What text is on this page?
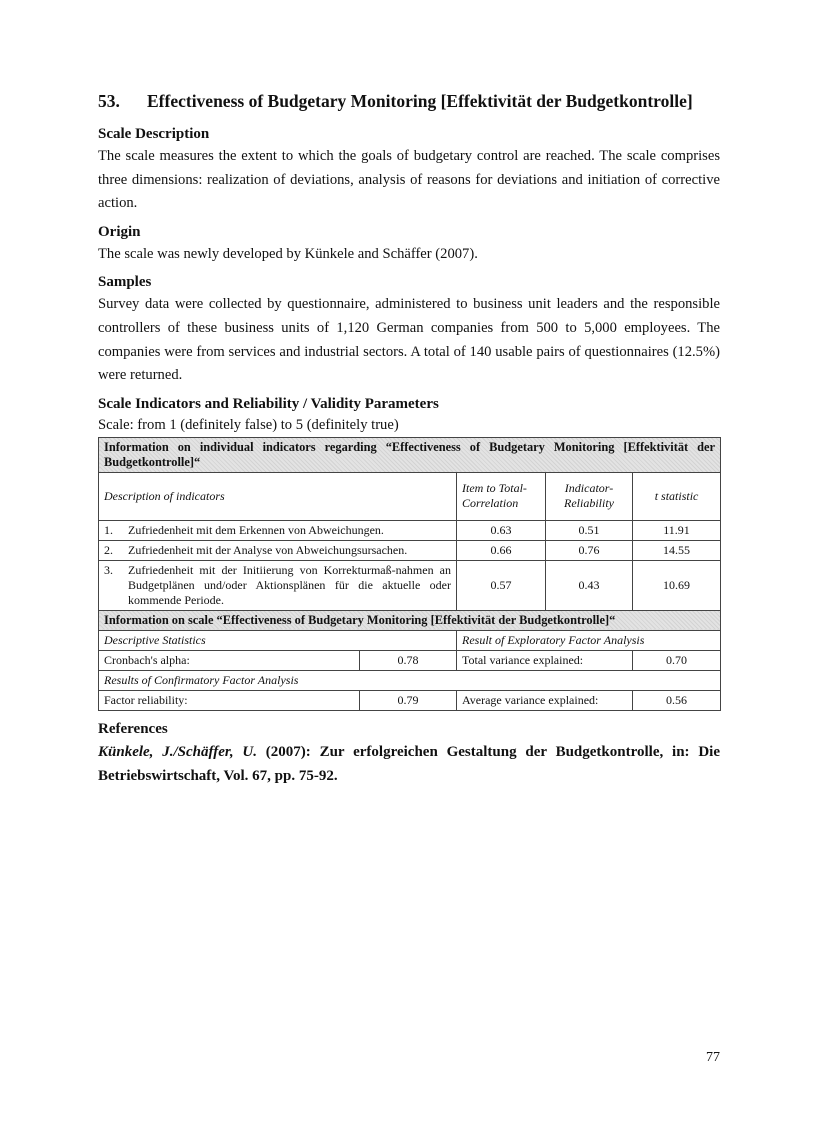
53.	Effectiveness of Budgetary Monitoring [Effektivität der Budgetkontrolle]
Scale Description

The scale measures the extent to which the goals of budgetary control are reached. The scale comprises three dimensions: realization of deviations, analysis of reasons for deviations and initiation of corrective action.

Origin

The scale was newly developed by Künkele and Schäffer (2007).

Samples

Survey data were collected by questionnaire, administered to business unit leaders and the responsible controllers of these business units of 1,120 German companies from 500 to 5,000 employees. The companies were from services and industrial sectors. A total of 140 usable pairs of questionnaires (12.5%) were returned.

Scale Indicators and Reliability / Validity Parameters
Scale: from 1 (definitely false) to 5 (definitely true)
Information on individual indicators regarding “Effectiveness of Budgetary Monitoring [Effektivität der Budgetkontrolle]“				
Description of indicators		Item to Total-Correlation	Indicator-Reliability	t statistic

1. Zufriedenheit mit dem Erkennen von Abweichungen.		0.63	0.51	11.91

2. Zufriedenheit mit der Analyse von Abweichungsursachen.		0.66	0.76	14.55

3. Zufriedenheit mit der Initiierung von Korrekturmaß-nahmen an Budgetplänen und/oder Aktionsplänen für die aktuelle oder kommende Periode.		0.57	0.43	10.69
Information on scale “Effectiveness of Budgetary Monitoring [Effektivität der Budgetkontrolle]“				
Descriptive Statistics		Result of Exploratory Factor Analysis		
Cronbach's alpha:	0.78	Total variance explained:		0.70
Results of Confirmatory Factor Analysis				
Factor reliability:	0.79	Average variance explained:		0.56
References

Künkele, J./Schäffer, U. (2007): Zur erfolgreichen Gestaltung der Budgetkontrolle, in: Die Betriebswirtschaft, Vol. 67, pp. 75-92.

77
